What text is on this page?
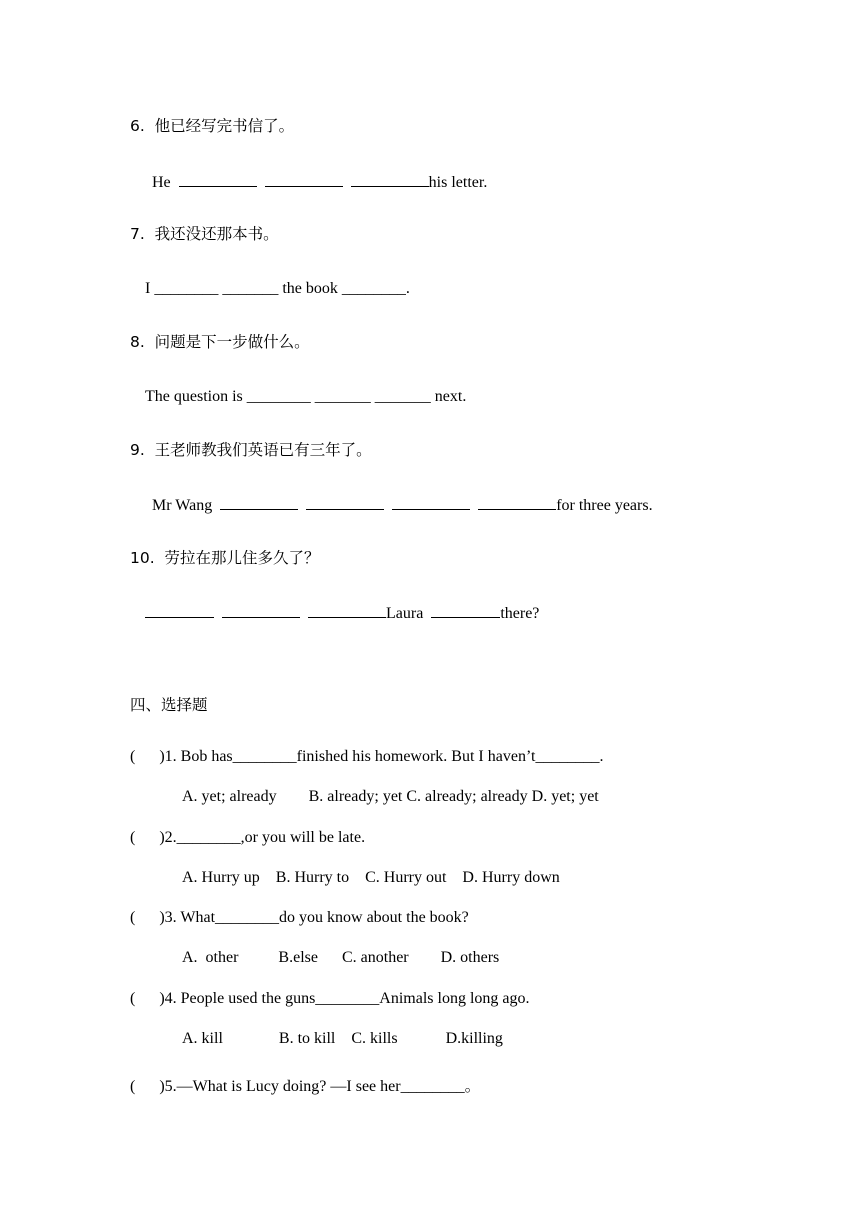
6.  他已经写完书信了。
He	his letter.
7.  我还没还那本书。
I ________ _______ the book ________.
8.  问题是下一步做什么。
The question is ________ _______ _______ next.
9.  王老师教我们英语已有三年了。
Mr Wang	for three years.
10.  劳拉在那儿住多久了？
Laura	there?
四、选择题
(      )1. Bob has________finished his homework. But I haven’t________.
A. yet; already        B. already; yet C. already; already D. yet; yet
(      )2.________,or you will be late.
A. Hurry up    B. Hurry to    C. Hurry out    D. Hurry down
(      )3. What________do you know about the book?
A.  other          B.else      C. another        D. others
(      )4. People used the guns________Animals long long ago.
A. kill              B. to kill    C. kills            D.killing
(      )5.—What is Lucy doing? —I see her________。
